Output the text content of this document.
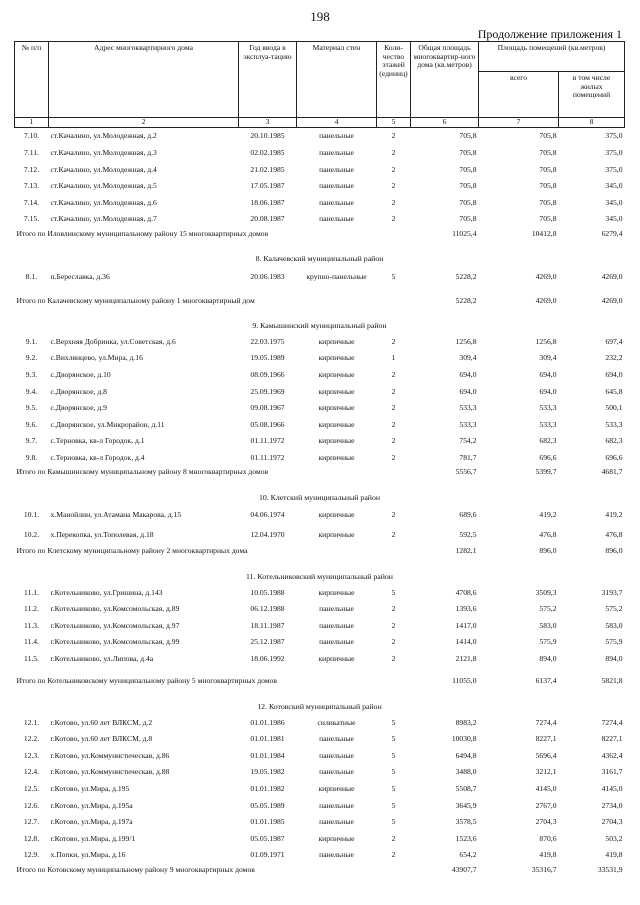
198
Продолжение приложения 1
№ п/п	Адрес многоквартирного дома	Год ввода в эксплуа-тацию	Материал стен	Коли-чество этажей (единиц)	Общая площадь многоквартир-ного дома (кв.метров)	Площадь помещений (кв.метров)	
						всего	в том числе жилых помещений
1	2	3	4	5	6	7	8
7.10.	ст.Качалино, ул.Молодежная, д.2	20.10.1985	панельные	2	705,8	705,8	375,0
7.11.	ст.Качалино, ул.Молодежная, д.3	02.02.1985	панельные	2	705,8	705,8	375,0
7.12.	ст.Качалино, ул.Молодежная, д.4	21.02.1985	панельные	2	705,8	705,8	375,0
7.13.	ст.Качалино, ул.Молодежная, д.5	17.05.1987	панельные	2	705,8	705,8	345,0
7.14.	ст.Качалино, ул.Молодежная, д.6	18.06.1987	панельные	2	705,8	705,8	345,0
7.15.	ст.Качалино, ул.Молодежная, д.7	20.08.1987	панельные	2	705,8	705,8	345,0
Итого по Иловлинскому муниципальному району 15 многоквартирных домов					11025,4	10412,8	6279,4
8. Калачевский муниципальный район							
8.1.	п.Береславка, д.36	20.06.1983	крупно-панельные	5	5228,2	4269,0	4269,0

Итого по Калачевскому муниципальному району 1 многоквартирный дом					5228,2	4269,0	4269,0
9. Камышинский муниципальный район							
9.1.	с.Верхняя Добринка, ул.Советская, д.6	22.03.1975	кирпичные	2	1256,8	1256,8	697,4
9.2.	с.Вихлянцево, ул.Мира, д.16	19.05.1989	кирпичные	1	309,4	309,4	232,2
9.3.	с.Дворянское, д.10	08.09.1966	кирпичные	2	694,0	694,0	694,0
9.4.	с.Дворянское, д.8	25.09.1969	кирпичные	2	694,0	694,0	645,8
9.5.	с.Дворянское, д.9	09.08.1967	кирпичные	2	533,3	533,3	500,1
9.6.	с.Дворянское, ул.Микрорайон, д.11	05.08.1966	кирпичные	2	533,3	533,3	533,3
9.7.	с.Терновка, кв-л Городок, д.1	01.11.1972	кирпичные	2	754,2	682,3	682,3
9.8.	с.Терновка, кв-л Городок, д.4	01.11.1972	кирпичные	2	781,7	696,6	696,6
Итого по Камышинскому муниципальному району 8 многоквартирных домов					5556,7	5399,7	4681,7
10. Клетский муниципальный район							
10.1.	х.Манойлин, ул.Атамана Макарова, д.15	04.06.1974	кирпичные	2	689,6	419,2	419,2
10.2.	х.Перекопка, ул.Тополевая, д.18	12.04.1970	кирпичные	2	592,5	476,8	476,8
Итого по Клетскому муниципальному району 2 многоквартирных дома					1282,1	896,0	896,0
11. Котельниковский муниципальный район							
11.1.	г.Котельниково, ул.Гришина, д.143	10.05.1988	кирпичные	5	4708,6	3509,3	3193,7
11.2.	г.Котельниково, ул.Комсомольская, д.89	06.12.1988	панельные	2	1393,6	575,2	575,2
11.3.	г.Котельниково, ул.Комсомольская, д.97	18.11.1987	панельные	2	1417,0	583,0	583,0
11.4.	г.Котельниково, ул.Комсомольская, д.99	25.12.1987	панельные	2	1414,0	575,9	575,9
11.5.	г.Котельниково, ул.Липова, д.4а	18.06.1992	кирпичные	2	2121,8	894,0	894,0

Итого по Котельниковскому муниципальному району 5 многоквартирных домов					11055,0	6137,4	5821,8
12. Котовский муниципальный район							
12.1.	г.Котово, ул.60 лет ВЛКСМ, д.2	01.01.1986	силикатные	5	8983,2	7274,4	7274,4
12.2.	г.Котово, ул.60 лет ВЛКСМ, д.8	01.01.1981	панельные	5	10030,8	8227,1	8227,1
12.3.	г.Котово, ул.Коммунистическая, д.86	01.01.1984	панельные	5	6494,8	5696,4	4362,4
12.4.	г.Котово, ул.Коммунистическая, д.88	19.05.1982	панельные	5	3488,0	3212,1	3161,7
12.5.	г.Котово, ул.Мира, д.195	01.01.1982	кирпичные	5	5508,7	4145,0	4145,0
12.6.	г.Котово, ул.Мира, д.195а	05.05.1989	панельные	5	3645,9	2767,0	2734,0
12.7.	г.Котово, ул.Мира, д.197а	01.01.1985	панельные	5	3578,5	2704,3	2704,3
12.8.	г.Котово, ул.Мира, д.199/1	05.05.1987	кирпичные	2	1523,6	870,6	503,2
12.9.	х.Попки, ул.Мира, д.16	01.09.1971	панельные	2	654,2	419,8	419,8
Итого по Котовскому муниципальному району 9 многоквартирных домов					43907,7	35316,7	33531,9
